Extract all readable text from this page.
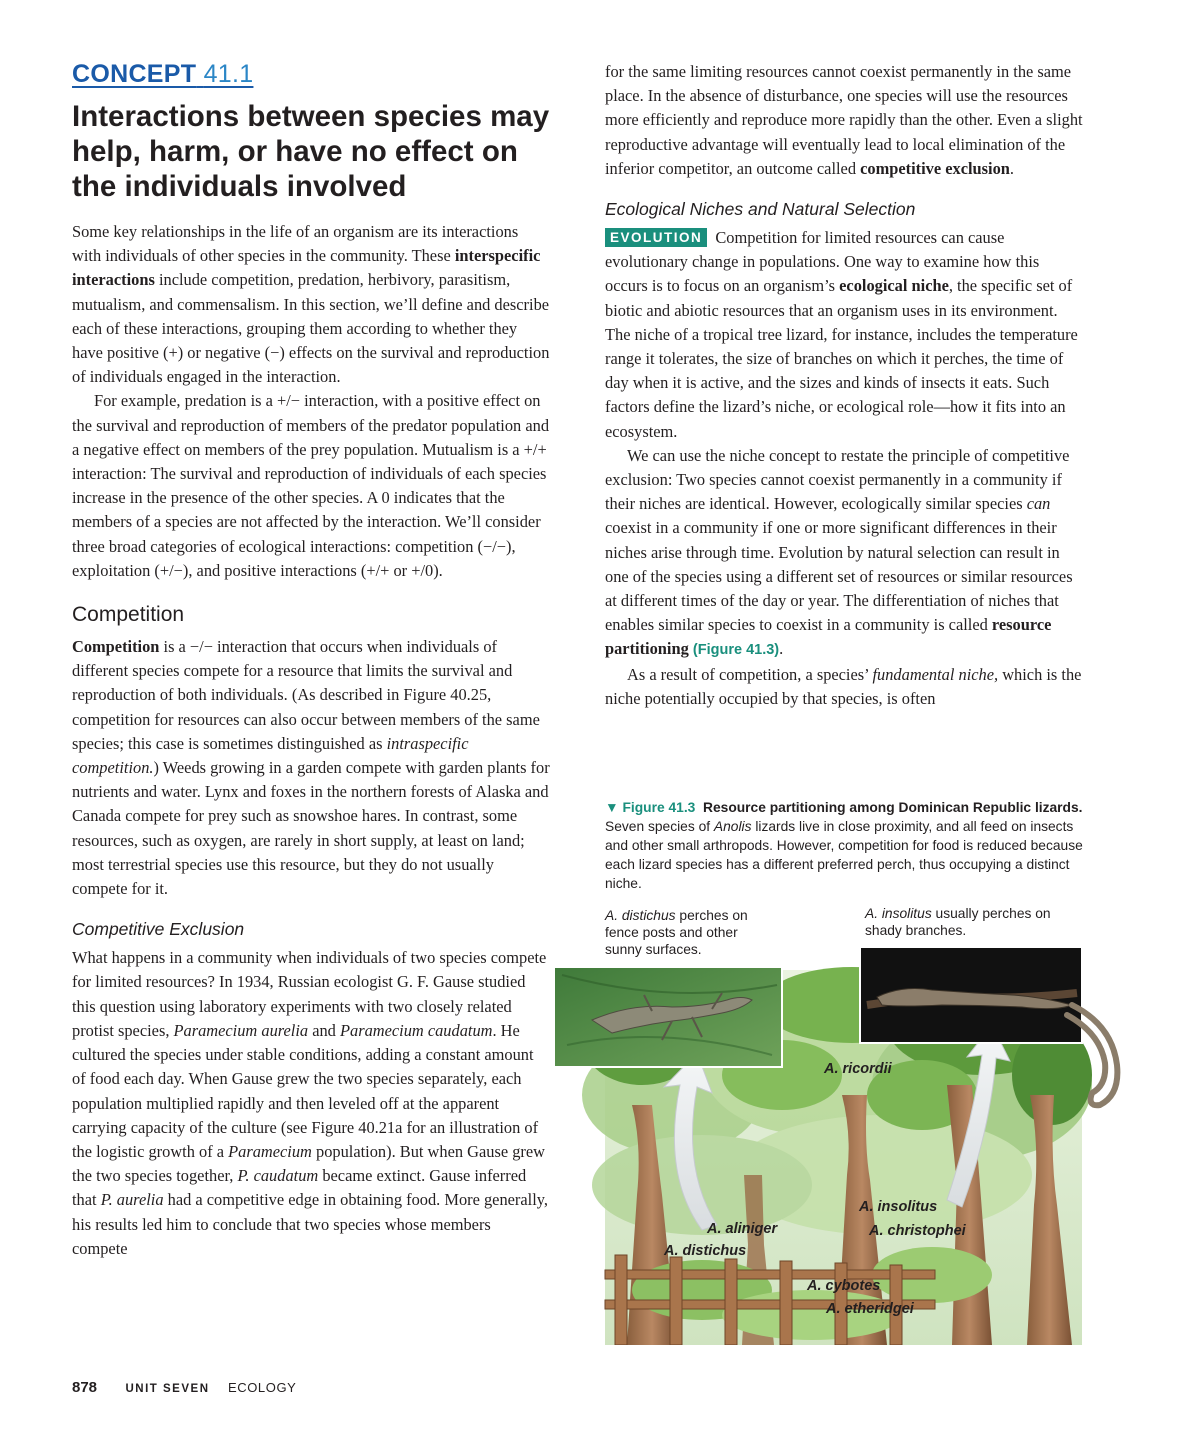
CONCEPT 41.1
Interactions between species may help, harm, or have no effect on the individuals involved

Some key relationships in the life of an organism are its interactions with individuals of other species in the community. These interspecific interactions include competition, predation, herbivory, parasitism, mutualism, and commensalism. In this section, we’ll define and describe each of these interactions, grouping them according to whether they have positive (+) or negative (−) effects on the survival and reproduction of individuals engaged in the interaction.

For example, predation is a +/− interaction, with a positive effect on the survival and reproduction of members of the predator population and a negative effect on members of the prey population. Mutualism is a +/+ interaction: The survival and reproduction of individuals of each species increase in the presence of the other species. A 0 indicates that the members of a species are not affected by the interaction. We’ll consider three broad categories of ecological interactions: competition (−/−), exploitation (+/−), and positive interactions (+/+ or +/0).

Competition

Competition is a −/− interaction that occurs when individuals of different species compete for a resource that limits the survival and reproduction of both individuals. (As described in Figure 40.25, competition for resources can also occur between members of the same species; this case is sometimes distinguished as intraspecific competition.) Weeds growing in a garden compete with garden plants for nutrients and water. Lynx and foxes in the northern forests of Alaska and Canada compete for prey such as snowshoe hares. In contrast, some resources, such as oxygen, are rarely in short supply, at least on land; most terrestrial species use this resource, but they do not usually compete for it.

Competitive Exclusion

What happens in a community when individuals of two species compete for limited resources? In 1934, Russian ecologist G. F. Gause studied this question using laboratory experiments with two closely related protist species, Paramecium aurelia and Paramecium caudatum. He cultured the species under stable conditions, adding a constant amount of food each day. When Gause grew the two species separately, each population multiplied rapidly and then leveled off at the apparent carrying capacity of the culture (see Figure 40.21a for an illustration of the logistic growth of a Paramecium population). But when Gause grew the two species together, P. caudatum became extinct. Gause inferred that P. aurelia had a competitive edge in obtaining food. More generally, his results led him to conclude that two species whose members compete

for the same limiting resources cannot coexist permanently in the same place. In the absence of disturbance, one species will use the resources more efficiently and reproduce more rapidly than the other. Even a slight reproductive advantage will eventually lead to local elimination of the inferior competitor, an outcome called competitive exclusion.

Ecological Niches and Natural Selection

EVOLUTION Competition for limited resources can cause evolutionary change in populations. One way to examine how this occurs is to focus on an organism’s ecological niche, the specific set of biotic and abiotic resources that an organism uses in its environment. The niche of a tropical tree lizard, for instance, includes the temperature range it tolerates, the size of branches on which it perches, the time of day when it is active, and the sizes and kinds of insects it eats. Such factors define the lizard’s niche, or ecological role—how it fits into an ecosystem.

We can use the niche concept to restate the principle of competitive exclusion: Two species cannot coexist permanently in a community if their niches are identical. However, ecologically similar species can coexist in a community if one or more significant differences in their niches arise through time. Evolution by natural selection can result in one of the species using a different set of resources or similar resources at different times of the day or year. The differentiation of niches that enables similar species to coexist in a community is called resource partitioning (Figure 41.3).

As a result of competition, a species’ fundamental niche, which is the niche potentially occupied by that species, is often

▼ Figure 41.3 Resource partitioning among Dominican Republic lizards. Seven species of Anolis lizards live in close proximity, and all feed on insects and other small arthropods. However, competition for food is reduced because each lizard species has a different preferred perch, thus occupying a distinct niche.
A. distichus perches on fence posts and other sunny surfaces.
A. insolitus usually perches on shady branches.
A. ricordii
A. insolitus
A. christophei
A. aliniger
A. distichus
A. cybotes
A. etheridgei
878 UNIT SEVEN ECOLOGY
